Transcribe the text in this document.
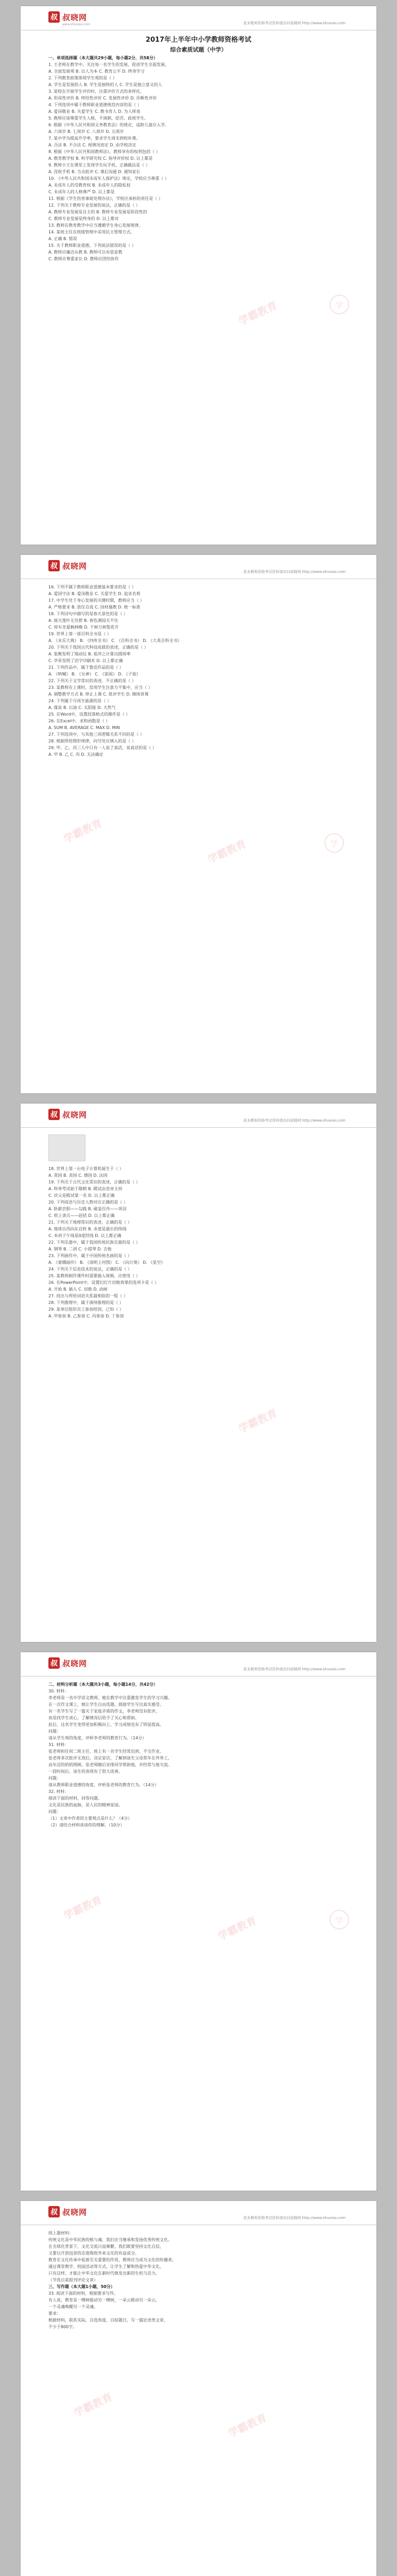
叔 叔晓网
www.shuxiao.com	更多教师资格考试资料请访问叔晓网 http://www.shuxiao.com

2017年上半年中小学教师资格考试

综合素质试题（中学）

一、单项选择题（本大题共29小题，每小题2分，共58分）

1. 王老师在教学中，关注每一名学生的发展，促进学生全面发展。

A. 全面发展观 B. 以人为本 C. 教育公平 D. 终身学习

2. 下列教育政策体现学生观的是（ ）

A. 学生是发展的人 B. 学生是独特的人 C. 学生是独立意义的人

3. 某校在开展学生评价时，注重评价方式的多样化。

A. 形成性评价 B. 终结性评价 C. 发展性评价 D. 诊断性评价

4. 下列选项中属于教师职业道德规范内容的是（ ）

A. 爱岗敬业 B. 关爱学生 C. 教书育人 D. 为人师表

5. 教师应该尊重学生人格，不讽刺、挖苦、歧视学生。

6. 根据《中华人民共和国义务教育法》的规定，适龄儿童应入学。

A. 六周岁 B. 七周岁 C. 八周岁 D. 五周岁

7. 某中学为提高升学率，要求学生周末到校补课。

A. 合法 B. 不合法 C. 视情况而定 D. 由学校决定

8. 根据《中华人民共和国教师法》，教师享有的权利包括（ ）

A. 教育教学权 B. 科学研究权 C. 指导评价权 D. 以上都是

9. 教师小王在课堂上发现学生玩手机，正确做法是（ ）

A. 没收手机 B. 当众批评 C. 课后沟通 D. 通知家长

10. 《中华人民共和国未成年人保护法》规定，学校应当尊重（ ）

A. 未成年人的受教育权 B. 未成年人的隐私权

C. 未成年人的人格尊严 D. 以上都是

11. 根据《学生伤害事故处理办法》，学校应承担的责任是（ ）

12. 下列关于教师专业发展的说法，正确的是（ ）

A. 教师专业发展是自主的 B. 教师专业发展是阶段性的

C. 教师专业发展是终身的 D. 以上都对

13. 教师在教育教学中应当遵循学生身心发展规律。

14. 某班主任在班级管理中采用民主管理方式。

A. 正确 B. 错误

15. 关于教师职业道德，下列说法错误的是（ ）

A. 教师应廉洁从教 B. 教师可以有偿家教

C. 教师应尊重家长 D. 教师应团结协作

学霸教育	学
叔 叔晓网
更多教师资格考试资料请访问叔晓网 http://www.shuxiao.com

16. 下列不属于教师职业道德基本要求的是（ ）

A. 爱国守法 B. 爱岗敬业 C. 关爱学生 D. 追求名利

17. 中学生处于身心发展的关键时期，教师应当（ ）

A. 严格要求 B. 放任自流 C. 因材施教 D. 统一标准

18. 下列诗句中描写的是春天景色的是（ ）

A. 接天莲叶无穷碧 B. 春色满园关不住

C. 停车坐爱枫林晚 D. 千树万树梨花开

19. 世界上第一部百科全书是（ ）

A. 《永乐大典》 B. 《四库全书》 C. 《百科全书》 D. 《大英百科全书》

20. 下列关于我国古代科技成就的表述，正确的是（ ）

A. 张衡发明了地动仪 B. 祖冲之计算出圆周率

C. 毕昇发明了活字印刷术 D. 以上都正确

21. 下列作品中，属于鲁迅作品的是（ ）

A. 《呐喊》 B. 《女神》 C. 《雷雨》 D. 《子夜》

22. 下列关于文学常识的表述，不正确的是（ ）

23. 某教师在上课时，发现学生注意力不集中，应当（ ）

A. 调整教学方式 B. 停止上课 C. 批评学生 D. 继续讲课

24. 下列属于可再生能源的是（ ）

A. 煤炭 B. 石油 C. 太阳能 D. 天然气

25. 在Word中，设置段落格式的操作是（ ）

26. 在Excel中，求和函数是（ ）

A. SUM B. AVERAGE C. MAX D. MIN

27. 下列选项中，与其他三项逻辑关系不同的是（ ）

28. 根据所给图形规律，问号处应填入的是（ ）

29. 甲、乙、丙三人中只有一人说了真话，说真话的是（ ）

A. 甲 B. 乙 C. 丙 D. 无法确定

学霸教育
学霸教育	学
叔 叔晓网
更多教师资格考试资料请访问叔晓网 http://www.shuxiao.com

18. 世界上第一台电子计算机诞生于（ ）

A. 英国 B. 美国 C. 德国 D. 法国

19. 下列关于古代文化常识的表述，正确的是（ ）

A. 科举考试始于隋朝 B. 殿试由皇帝主持

C. 状元是殿试第一名 D. 以上都正确

20. 下列成语与历史人物对应正确的是（ ）

A. 卧薪尝胆——勾践 B. 破釜沉舟——项羽

C. 纸上谈兵——赵括 D. 以上都正确

21. 下列关于地理常识的表述，正确的是（ ）

A. 地球自西向东自转 B. 赤道是最长的纬线

C. 本初子午线是0度经线 D. 以上都正确

22. 下列乐器中，属于我国传统民族乐器的是（ ）

A. 钢琴 B. 二胡 C. 小提琴 D. 吉他

23. 下列画作中，属于中国传统名画的是（ ）

A. 《蒙娜丽莎》 B. 《清明上河图》 C. 《向日葵》 D. 《星空》

24. 下列关于信息技术的说法，正确的是（ ）

25. 某教师制作课件时需要插入视频，应使用（ ）

26. 在PowerPoint中，设置幻灯片切换效果的选项卡是（ ）

A. 开始 B. 插入 C. 切换 D. 动画

27. 找出与所给词语关系最相似的一组（ ）

28. 下列推理中，属于演绎推理的是（ ）

29. 某单位组织员工参加培训，已知（ ）

A. 甲参加 B. 乙参加 C. 丙参加 D. 丁参加

学霸教育
叔 叔晓网
更多教师资格考试资料请访问叔晓网 http://www.shuxiao.com

二、材料分析题（本大题共3小题，每小题14分，共42分）

30. 材料：

李老师是一名中学语文教师，她在教学中注重激发学生的学习兴趣。

在一次作文课上，她让学生自由选题，鼓励学生写出真实感受。

有一名学生写了一篇关于家庭矛盾的作文，李老师没有批评，

而是找学生谈心，了解情况后给予了关心和帮助。

此后，这名学生变得更加积极向上，学习成绩也有了明显提高。

问题：

请从学生观的角度，评析李老师的教育行为。（14分）

31. 材料：

张老师担任初二班主任，班上有一名学生经常迟到、不交作业。

张老师多次批评无效后，决定家访，了解到该生父母常年在外务工，

由年迈的奶奶照顾。张老师随后安排同学帮助他，并经常与他交流。

一段时间后，该生的表现有了很大改善。

问题：

请从教师职业道德的角度，评析张老师的教育行为。（14分）

32. 材料：

阅读下面的材料，回答问题。

文化是民族的血脉，是人民的精神家园。

问题：

（1）文章中作者的主要观点是什么？（4分）

（2）请结合材料谈谈你的理解。（10分）

学霸教育
学霸教育	学
叔 叔晓网
更多教师资格考试资料请访问叔晓网 http://www.shuxiao.com

续上题材料：

传统文化是中华民族的根与魂，我们应当继承和发扬优秀传统文化。

在全球化背景下，文化交流日益频繁，我们既要坚持文化自信，

又要以开放包容的态度吸收外来文化的有益成分。

教育在文化传承中起着至关重要的作用，教师应当成为文化的传播者。

通过课堂教学、校园活动等方式，让学生了解和热爱中华文化。

只有这样，才能让中华文化在新时代焕发出新的生机与活力。

（节选自某报刊评论文章）

三、写作题（本大题1小题，50分）

33. 阅读下面的材料，根据要求写作。

有人说，教育是一棵树摇动另一棵树，一朵云推动另一朵云，

一个灵魂唤醒另一个灵魂。

要求：

根据材料，联系实际，自选角度，自拟题目，写一篇论述类文章，

不少于800字。

学霸教育
学霸教育
